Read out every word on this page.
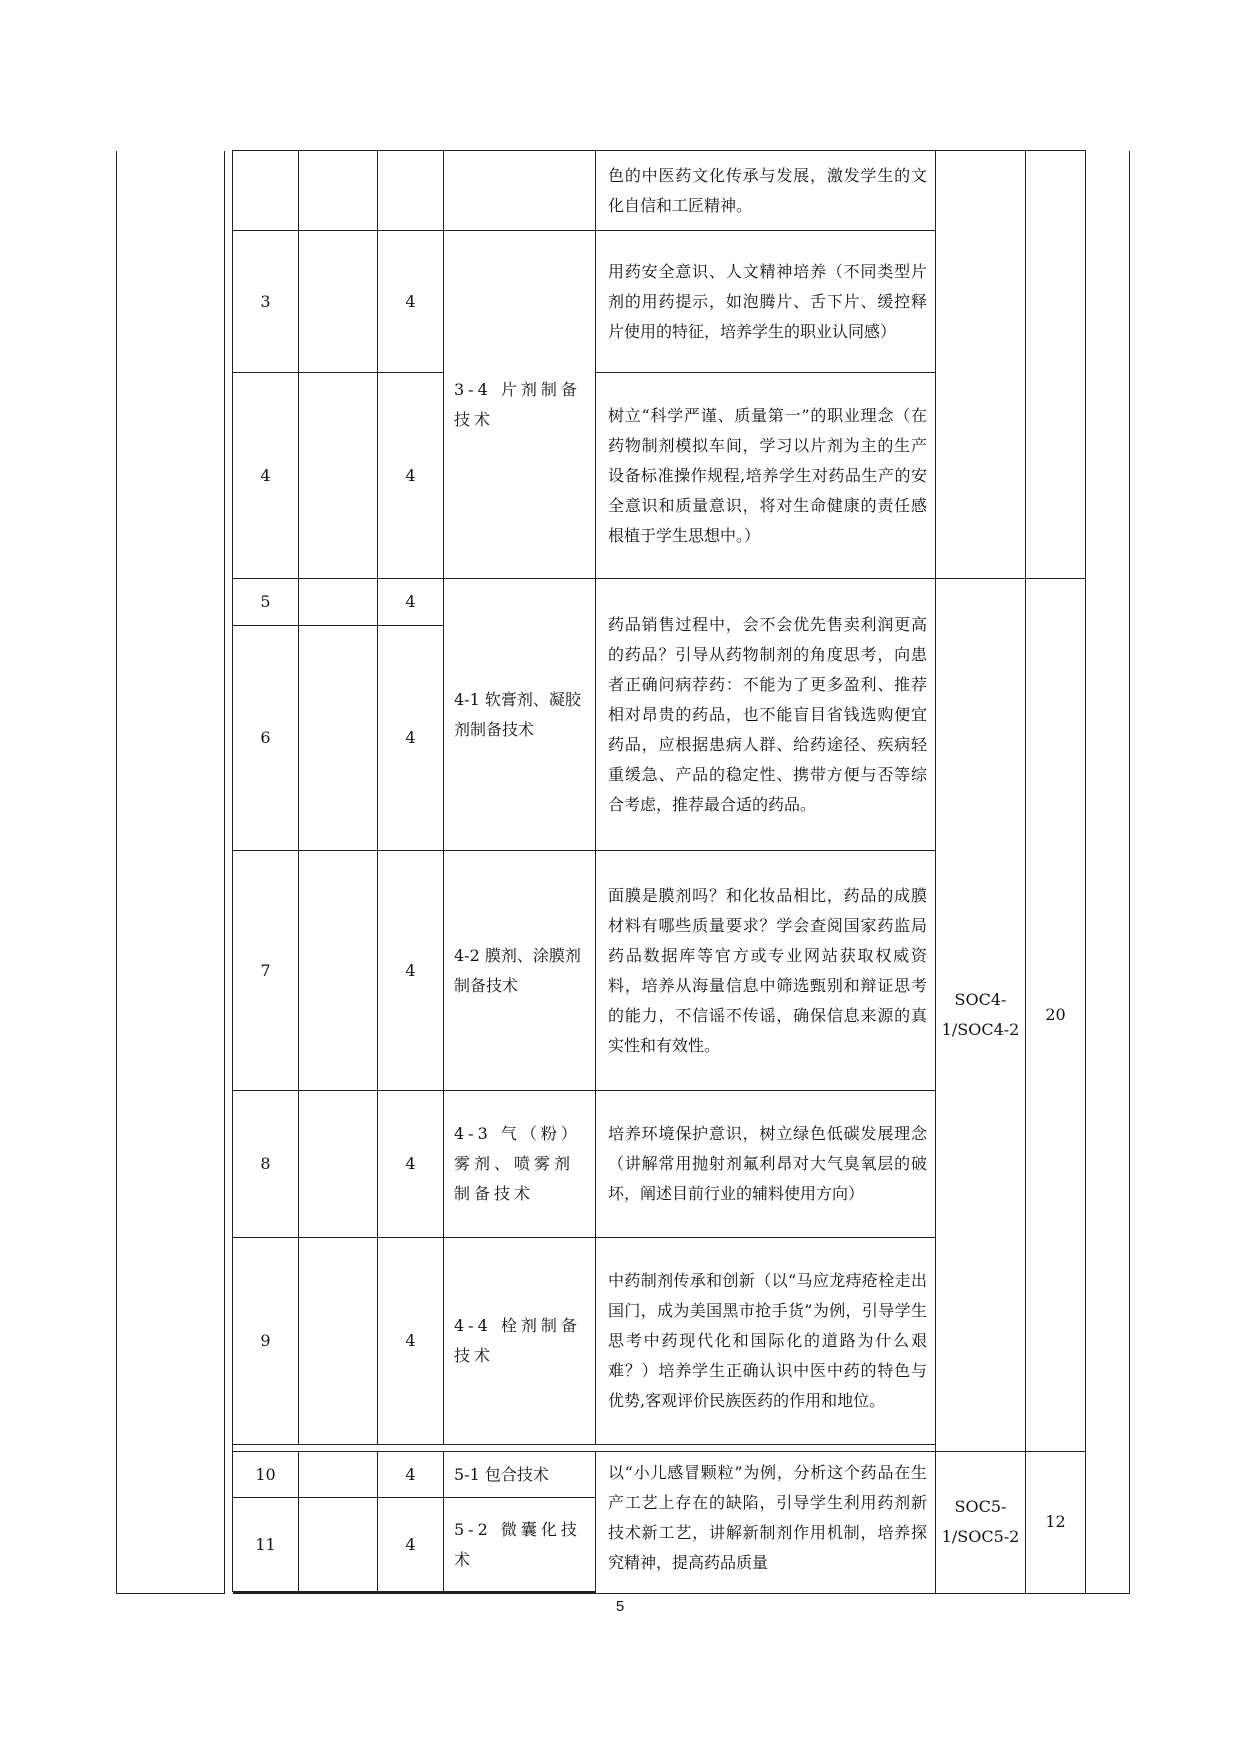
						色的中医药文化传承与发展，激发学生的文化自信和工匠精神。			
		3		4	3-4 片剂制备技术	用药安全意识、人文精神培养（不同类型片剂的用药提示，如泡腾片、舌下片、缓控释片使用的特征，培养学生的职业认同感）			
		4		4		树立“科学严谨、质量第一”的职业理念（在药物制剂模拟车间，学习以片剂为主的生产设备标准操作规程,培养学生对药品生产的安全意识和质量意识，将对生命健康的责任感根植于学生思想中。）			
		5		4	4-1 软膏剂、凝胶剂制备技术	药品销售过程中，会不会优先售卖利润更高的药品？引导从药物制剂的角度思考，向患者正确问病荐药：不能为了更多盈利、推荐相对昂贵的药品，也不能盲目省钱选购便宜药品，应根据患病人群、给药途径、疾病轻重缓急、产品的稳定性、携带方便与否等综合考虑，推荐最合适的药品。	SOC4-1/SOC4-2	20	
		6		4					
		7		4	4-2 膜剂、涂膜剂制备技术	面膜是膜剂吗？和化妆品相比，药品的成膜材料有哪些质量要求？学会查阅国家药监局药品数据库等官方或专业网站获取权威资料，培养从海量信息中筛选甄别和辩证思考的能力，不信谣不传谣，确保信息来源的真实性和有效性。			
		8		4	4-3 气（粉）雾剂、喷雾剂制备技术	培养环境保护意识，树立绿色低碳发展理念（讲解常用抛射剂氟利昂对大气臭氧层的破坏，阐述目前行业的辅料使用方向）			
		9		4	4-4 栓剂制备技术	中药制剂传承和创新（以“马应龙痔疮栓走出国门，成为美国黑市抢手货”为例，引导学生思考中药现代化和国际化的道路为什么艰难？）培养学生正确认识中医中药的特色与优势,客观评价民族医药的作用和地位。			

		10		4	5-1 包合技术	以“小儿感冒颗粒”为例，分析这个药品在生产工艺上存在的缺陷，引导学生利用药剂新技术新工艺，讲解新制剂作用机制，培养探究精神，提高药品质量	SOC5-1/SOC5-2	12	
		11		4	5-2 微囊化技术				

5
